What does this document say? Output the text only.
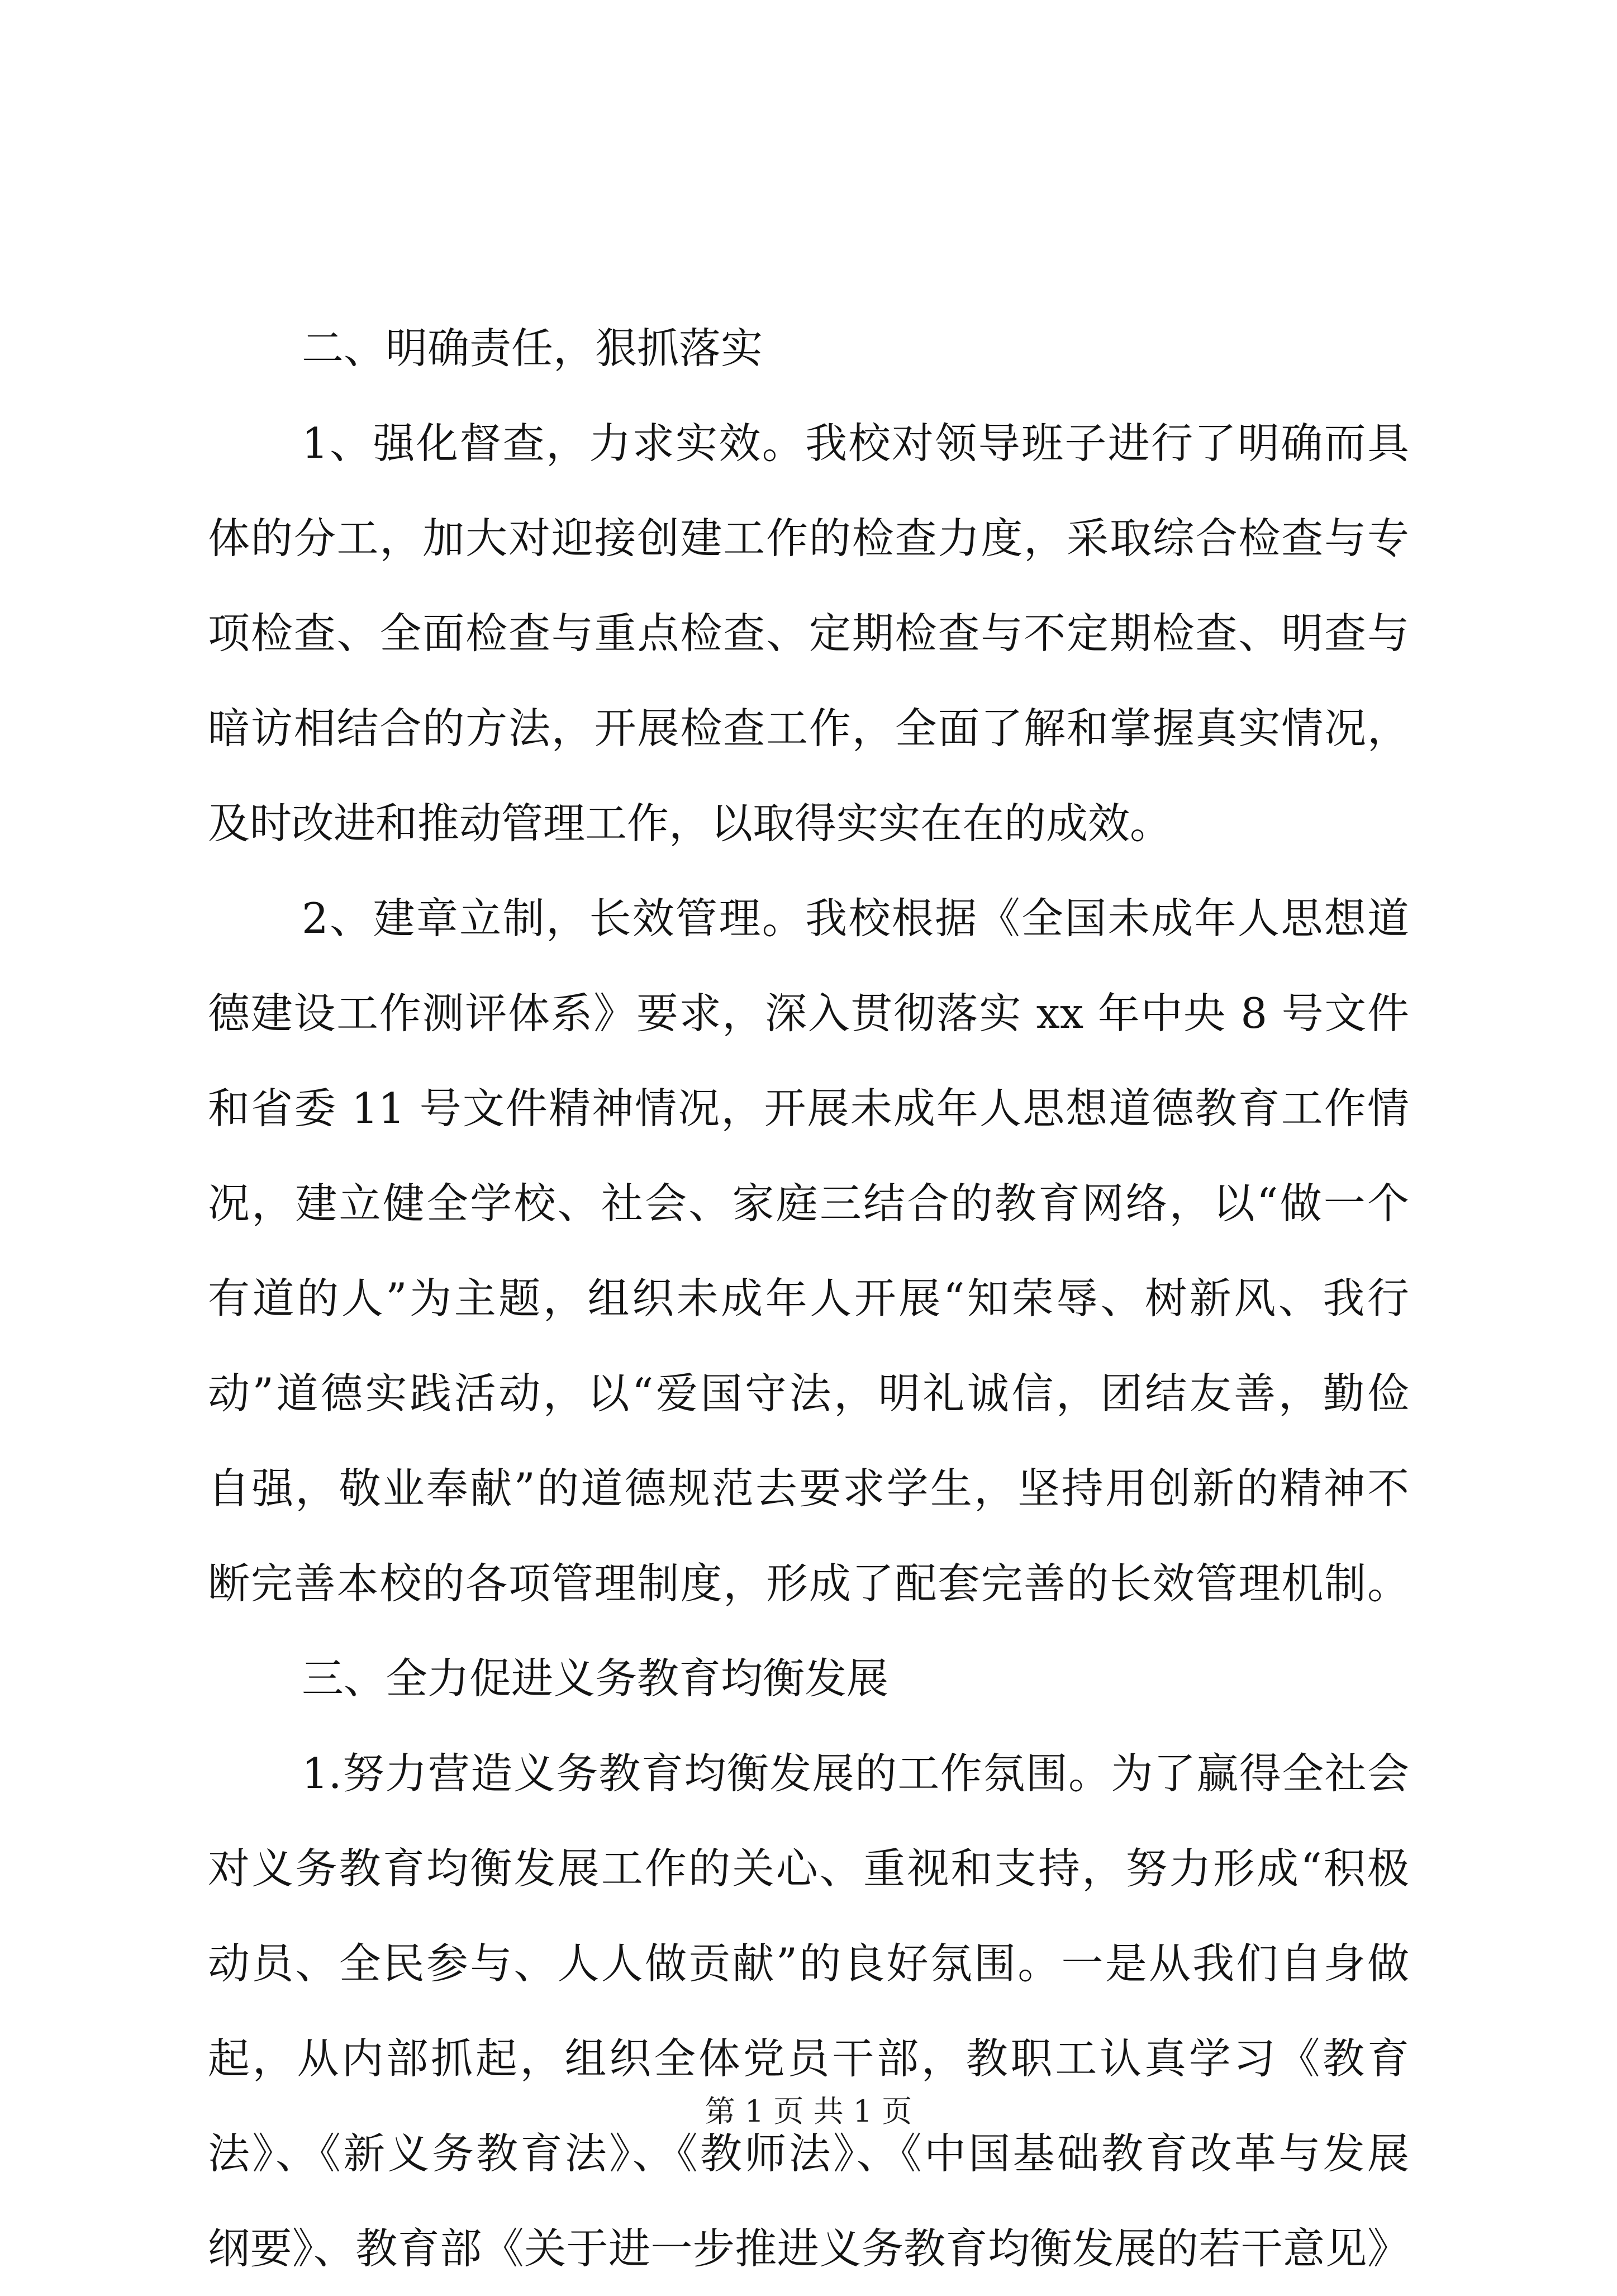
二、明确责任，狠抓落实
1、强化督查，力求实效。我校对领导班子进行了明确而具
体的分工，加大对迎接创建工作的检查力度，采取综合检查与专
项检查、全面检查与重点检查、定期检查与不定期检查、明查与
暗访相结合的方法，开展检查工作，全面了解和掌握真实情况，
及时改进和推动管理工作，以取得实实在在的成效。
2、建章立制，长效管理。我校根据《全国未成年人思想道
德建设工作测评体系》要求，深入贯彻落实 xx 年中央 8 号文件
和省委 11 号文件精神情况，开展未成年人思想道德教育工作情
况，建立健全学校、社会、家庭三结合的教育网络，以“做一个
有道的人”为主题，组织未成年人开展“知荣辱、树新风、我行
动”道德实践活动，以“爱国守法，明礼诚信，团结友善，勤俭
自强，敬业奉献”的道德规范去要求学生，坚持用创新的精神不
断完善本校的各项管理制度，形成了配套完善的长效管理机制。
三、全力促进义务教育均衡发展
1.努力营造义务教育均衡发展的工作氛围。为了赢得全社会
对义务教育均衡发展工作的关心、重视和支持，努力形成“积极
动员、全民参与、人人做贡献”的良好氛围。一是从我们自身做
起，从内部抓起，组织全体党员干部，教职工认真学习《教育
法》、《新义务教育法》、《教师法》、《中国基础教育改革与发展
纲要》、教育部《关于进一步推进义务教育均衡发展的若干意见》
第 1 页 共 1 页
